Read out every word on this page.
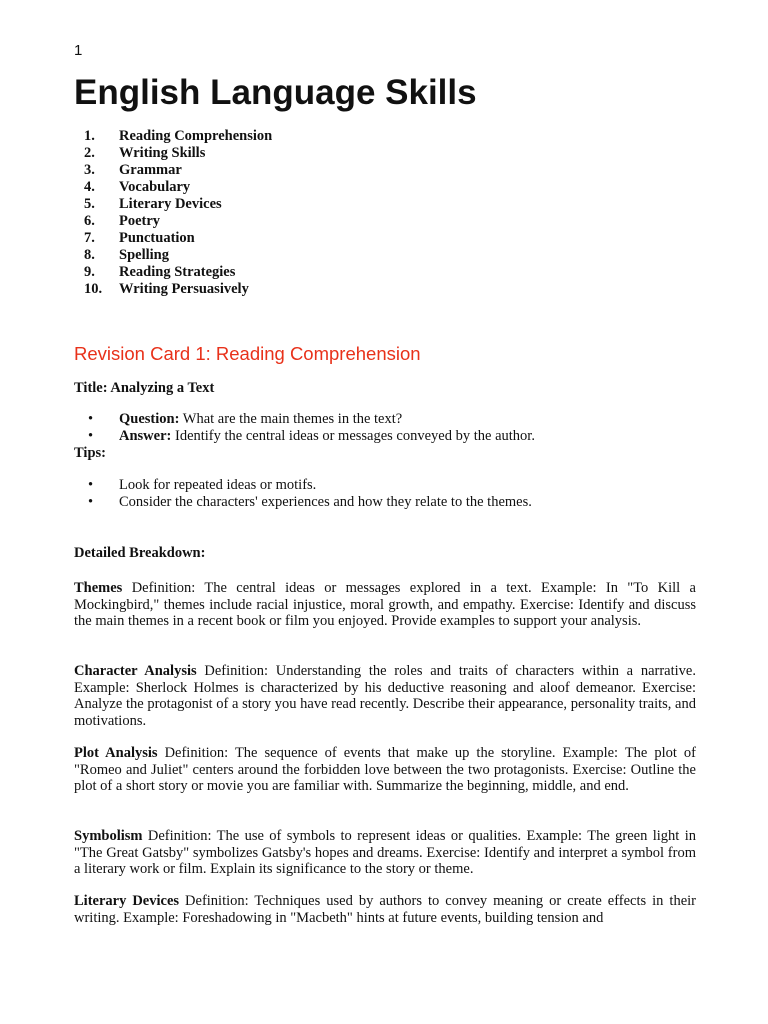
1
English Language Skills
1. Reading Comprehension
2. Writing Skills
3. Grammar
4. Vocabulary
5. Literary Devices
6. Poetry
7. Punctuation
8. Spelling
9. Reading Strategies
10. Writing Persuasively
Revision Card 1: Reading Comprehension
Title: Analyzing a Text
• Question: What are the main themes in the text?
• Answer: Identify the central ideas or messages conveyed by the author.
Tips:
• Look for repeated ideas or motifs.
• Consider the characters' experiences and how they relate to the themes.
Detailed Breakdown:

Themes Definition: The central ideas or messages explored in a text. Example: In "To Kill a Mockingbird," themes include racial injustice, moral growth, and empathy. Exercise: Identify and discuss the main themes in a recent book or film you enjoyed. Provide examples to support your analysis.

Character Analysis Definition: Understanding the roles and traits of characters within a narrative. Example: Sherlock Holmes is characterized by his deductive reasoning and aloof demeanor. Exercise: Analyze the protagonist of a story you have read recently. Describe their appearance, personality traits, and motivations.

Plot Analysis Definition: The sequence of events that make up the storyline. Example: The plot of "Romeo and Juliet" centers around the forbidden love between the two protagonists. Exercise: Outline the plot of a short story or movie you are familiar with. Summarize the beginning, middle, and end.

Symbolism Definition: The use of symbols to represent ideas or qualities. Example: The green light in "The Great Gatsby" symbolizes Gatsby's hopes and dreams. Exercise: Identify and interpret a symbol from a literary work or film. Explain its significance to the story or theme.

Literary Devices Definition: Techniques used by authors to convey meaning or create effects in their writing. Example: Foreshadowing in "Macbeth" hints at future events, building tension and
